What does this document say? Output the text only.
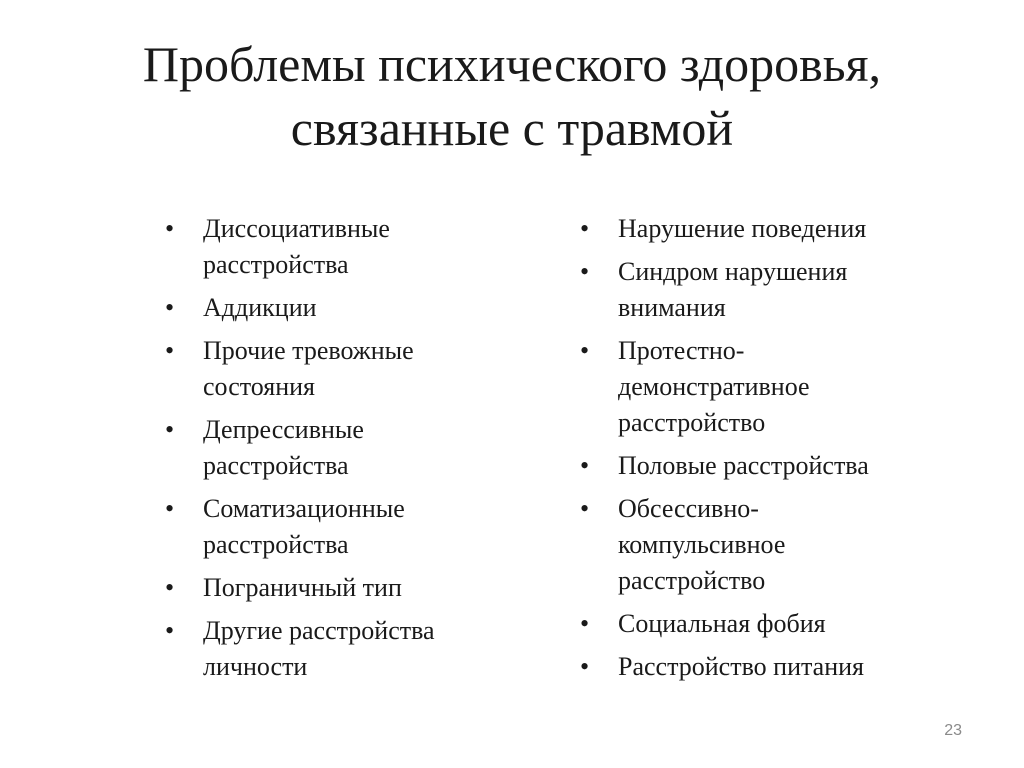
Проблемы психического здоровья,
связанные с травмой
•	Диссоциативные
расстройства
•	Аддикции
•	Прочие тревожные
состояния
•	Депрессивные
расстройства
•	Соматизационные
расстройства
•	Пограничный тип
•	Другие расстройства
личности
•	Нарушение поведения
•	Синдром нарушения
внимания
•	Протестно-
демонстративное
расстройство
•	Половые расстройства
•	Обсессивно-
компульсивное
расстройство
•	Социальная фобия
•	Расстройство питания
23
